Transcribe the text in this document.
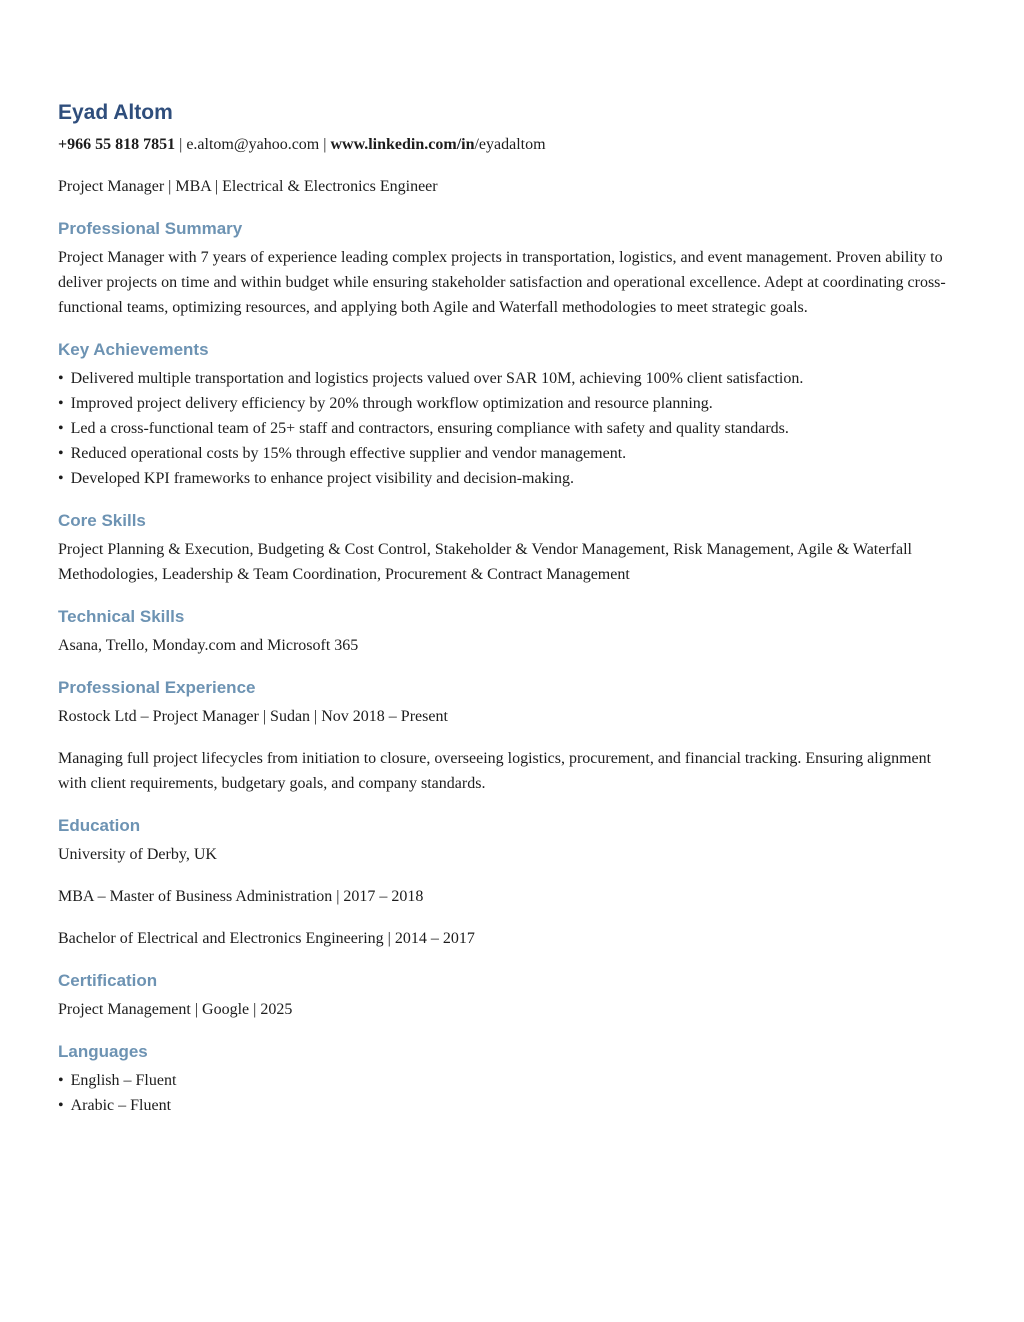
Eyad Altom

+966 55 818 7851 | e.altom@yahoo.com | www.linkedin.com/in/eyadaltom

Project Manager | MBA | Electrical & Electronics Engineer

Professional Summary

Project Manager with 7 years of experience leading complex projects in transportation, logistics, and event management. Proven ability to deliver projects on time and within budget while ensuring stakeholder satisfaction and operational excellence. Adept at coordinating cross-functional teams, optimizing resources, and applying both Agile and Waterfall methodologies to meet strategic goals.

Key Achievements
• Delivered multiple transportation and logistics projects valued over SAR 10M, achieving 100% client satisfaction.
• Improved project delivery efficiency by 20% through workflow optimization and resource planning.
• Led a cross-functional team of 25+ staff and contractors, ensuring compliance with safety and quality standards.
• Reduced operational costs by 15% through effective supplier and vendor management.
• Developed KPI frameworks to enhance project visibility and decision-making.
Core Skills

Project Planning & Execution, Budgeting & Cost Control, Stakeholder & Vendor Management, Risk Management, Agile & Waterfall Methodologies, Leadership & Team Coordination, Procurement & Contract Management

Technical Skills

Asana, Trello, Monday.com and Microsoft 365

Professional Experience

Rostock Ltd – Project Manager | Sudan | Nov 2018 – Present

Managing full project lifecycles from initiation to closure, overseeing logistics, procurement, and financial tracking. Ensuring alignment with client requirements, budgetary goals, and company standards.

Education

University of Derby, UK

MBA – Master of Business Administration | 2017 – 2018

Bachelor of Electrical and Electronics Engineering | 2014 – 2017

Certification

Project Management | Google | 2025

Languages
• English – Fluent
• Arabic – Fluent
